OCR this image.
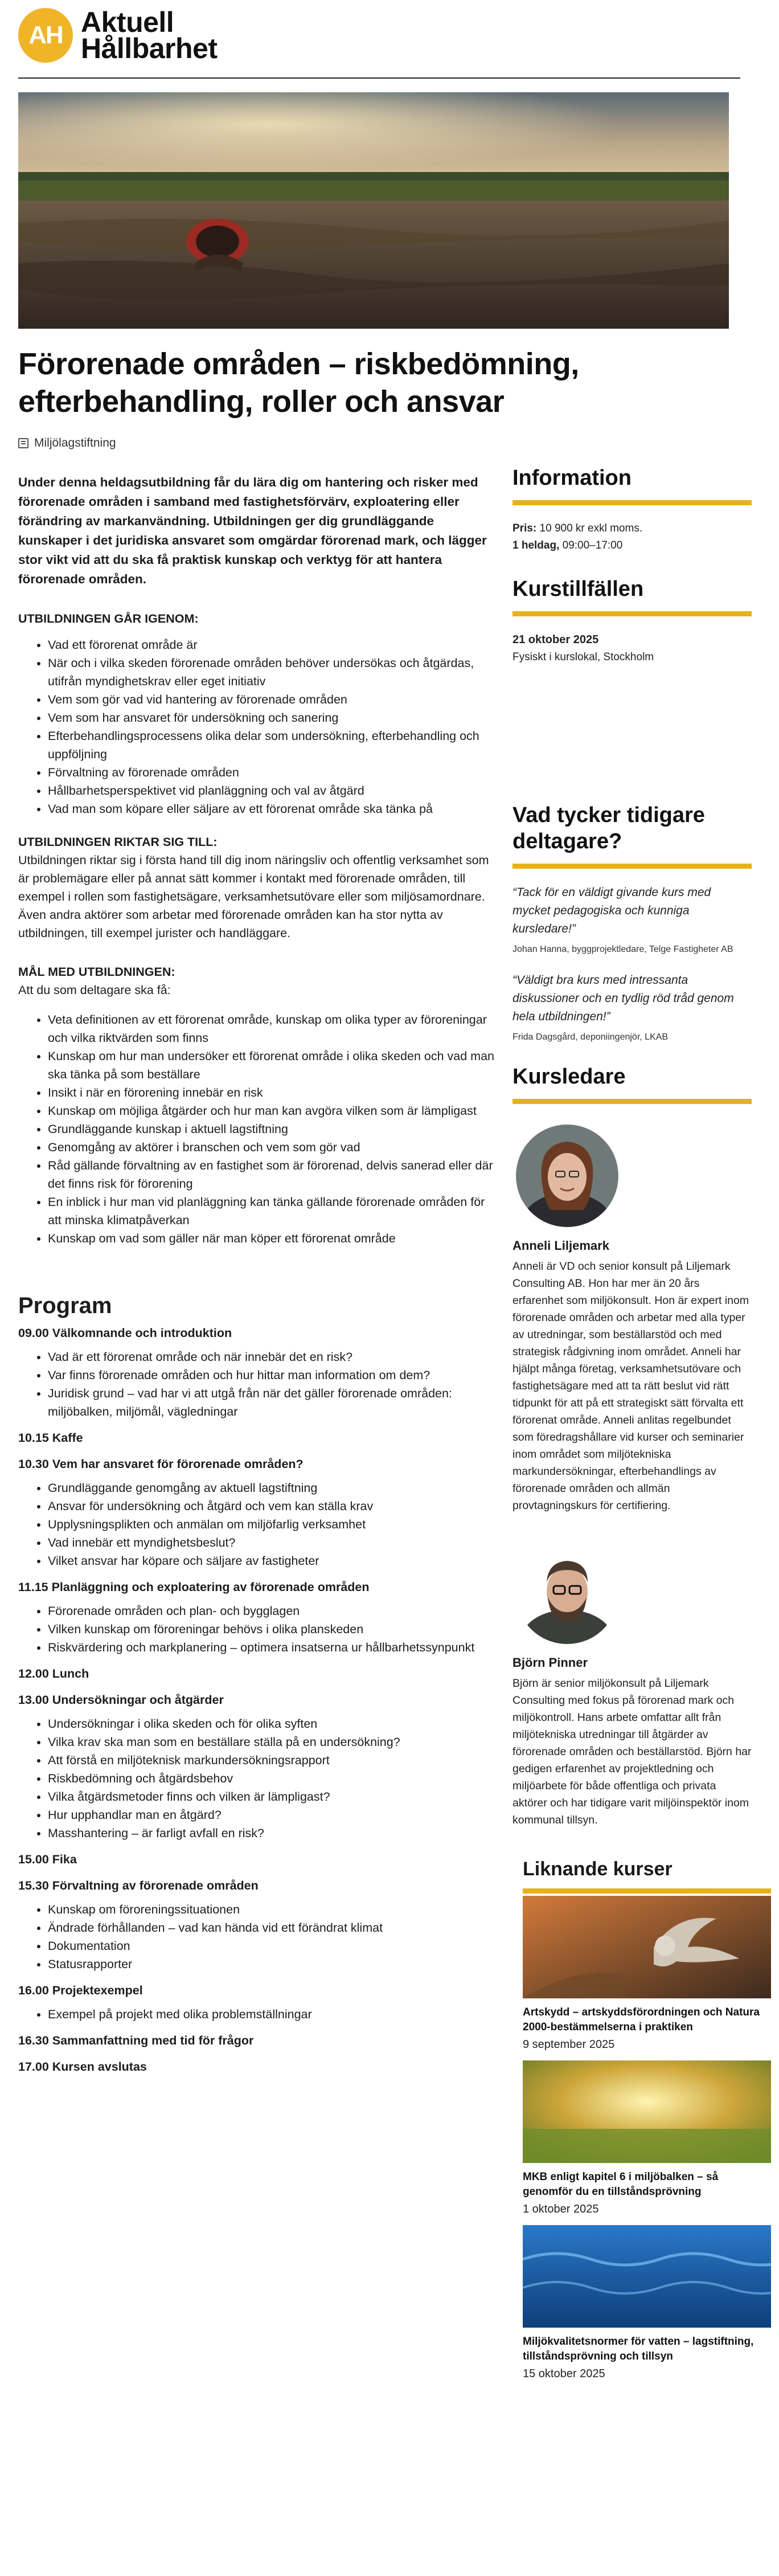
AH Aktuell
Hållbarhet
Förorenade områden – riskbedömning, efterbehandling, roller och ansvar
Miljölagstiftning

Under denna heldagsutbildning får du lära dig om hantering och risker med förorenade områden i samband med fastighetsförvärv, exploatering eller förändring av markanvändning. Utbildningen ger dig grundläggande kunskaper i det juridiska ansvaret som omgärdar förorenad mark, och lägger stor vikt vid att du ska få praktisk kunskap och verktyg för att hantera förorenade områden.

UTBILDNINGEN GÅR IGENOM:

• Vad ett förorenat område är
• När och i vilka skeden förorenade områden behöver undersökas och åtgärdas, utifrån myndighetskrav eller eget initiativ
• Vem som gör vad vid hantering av förorenade områden
• Vem som har ansvaret för undersökning och sanering
• Efterbehandlingsprocessens olika delar som undersökning, efterbehandling och uppföljning
• Förvaltning av förorenade områden
• Hållbarhetsperspektivet vid planläggning och val av åtgärd
• Vad man som köpare eller säljare av ett förorenat område ska tänka på

UTBILDNINGEN RIKTAR SIG TILL:

Utbildningen riktar sig i första hand till dig inom näringsliv och offentlig verksamhet som är problemägare eller på annat sätt kommer i kontakt med förorenade områden, till exempel i rollen som fastighetsägare, verksamhetsutövare eller som miljösamordnare. Även andra aktörer som arbetar med förorenade områden kan ha stor nytta av utbildningen, till exempel jurister och handläggare.

MÅL MED UTBILDNINGEN:

Att du som deltagare ska få:

• Veta definitionen av ett förorenat område, kunskap om olika typer av föroreningar och vilka riktvärden som finns
• Kunskap om hur man undersöker ett förorenat område i olika skeden och vad man ska tänka på som beställare
• Insikt i när en förorening innebär en risk
• Kunskap om möjliga åtgärder och hur man kan avgöra vilken som är lämpligast
• Grundläggande kunskap i aktuell lagstiftning
• Genomgång av aktörer i branschen och vem som gör vad
• Råd gällande förvaltning av en fastighet som är förorenad, delvis sanerad eller där det finns risk för förorening
• En inblick i hur man vid planläggning kan tänka gällande förorenade områden för att minska klimatpåverkan
• Kunskap om vad som gäller när man köper ett förorenat område
Program

09.00 Välkomnande och introduktion

• Vad är ett förorenat område och när innebär det en risk?
• Var finns förorenade områden och hur hittar man information om dem?
• Juridisk grund – vad har vi att utgå från när det gäller förorenade områden: miljöbalken, miljömål, vägledningar

10.15 Kaffe

10.30 Vem har ansvaret för förorenade områden?

• Grundläggande genomgång av aktuell lagstiftning
• Ansvar för undersökning och åtgärd och vem kan ställa krav
• Upplysningsplikten och anmälan om miljöfarlig verksamhet
• Vad innebär ett myndighetsbeslut?
• Vilket ansvar har köpare och säljare av fastigheter

11.15 Planläggning och exploatering av förorenade områden

• Förorenade områden och plan- och bygglagen
• Vilken kunskap om föroreningar behövs i olika planskeden
• Riskvärdering och markplanering – optimera insatserna ur hållbarhetssynpunkt

12.00 Lunch

13.00 Undersökningar och åtgärder

• Undersökningar i olika skeden och för olika syften
• Vilka krav ska man som en beställare ställa på en undersökning?
• Att förstå en miljöteknisk markundersökningsrapport
• Riskbedömning och åtgärdsbehov
• Vilka åtgärdsmetoder finns och vilken är lämpligast?
• Hur upphandlar man en åtgärd?
• Masshantering – är farligt avfall en risk?

15.00 Fika

15.30 Förvaltning av förorenade områden

• Kunskap om föroreningssituationen
• Ändrade förhållanden – vad kan hända vid ett förändrat klimat
• Dokumentation
• Statusrapporter

16.00 Projektexempel

• Exempel på projekt med olika problemställningar

16.30 Sammanfattning med tid för frågor

17.00 Kursen avslutas

Information

Pris: 10 900 kr exkl moms.

1 heldag, 09:00–17:00

Kurstillfällen

21 oktober 2025

Fysiskt i kurslokal, Stockholm

Vad tycker tidigare deltagare?

“Tack för en väldigt givande kurs med mycket pedagogiska och kunniga kursledare!”

Johan Hanna, byggprojektledare, Telge Fastigheter AB

“Väldigt bra kurs med intressanta diskussioner och en tydlig röd tråd genom hela utbildningen!”

Frida Dagsgård, deponiingenjör, LKAB

Kursledare

Anneli Liljemark

Anneli är VD och senior konsult på Liljemark Consulting AB. Hon har mer än 20 års erfarenhet som miljökonsult. Hon är expert inom förorenade områden och arbetar med alla typer av utredningar, som beställarstöd och med strategisk rådgivning inom området. Anneli har hjälpt många företag, verksamhetsutövare och fastighetsägare med att ta rätt beslut vid rätt tidpunkt för att på ett strategiskt sätt förvalta ett förorenat område. Anneli anlitas regelbundet som föredragshållare vid kurser och seminarier inom området som miljötekniska markundersökningar, efterbehandlings av förorenade områden och allmän provtagningskurs för certifiering.

Björn Pinner

Björn är senior miljökonsult på Liljemark Consulting med fokus på förorenad mark och miljökontroll. Hans arbete omfattar allt från miljötekniska utredningar till åtgärder av förorenade områden och beställarstöd. Björn har gedigen erfarenhet av projektledning och miljöarbete för både offentliga och privata aktörer och har tidigare varit miljöinspektör inom kommunal tillsyn.

Liknande kurser

Artskydd – artskyddsförordningen och Natura 2000-bestämmelserna i praktiken

9 september 2025

MKB enligt kapitel 6 i miljöbalken – så genomför du en tillståndsprövning

1 oktober 2025

Miljökvalitetsnormer för vatten – lagstiftning, tillståndsprövning och tillsyn

15 oktober 2025
